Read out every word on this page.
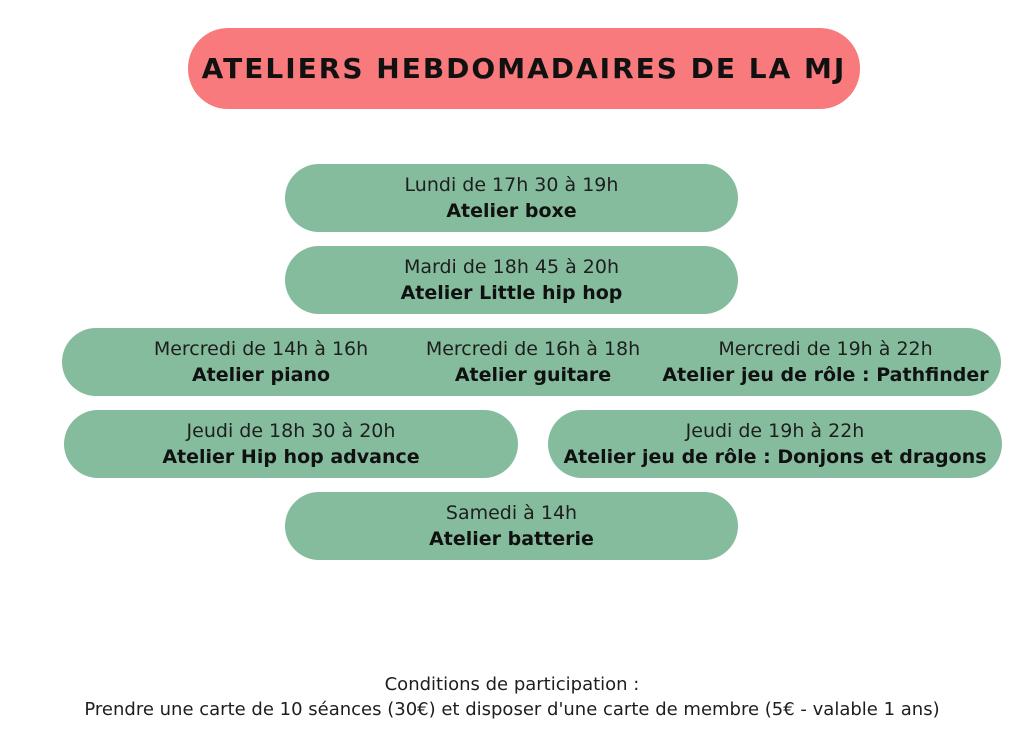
ATELIERS HEBDOMADAIRES DE LA MJ
Lundi de 17h 30 à 19h
Atelier boxe
Mardi de 18h 45 à 20h
Atelier Little hip hop
Mercredi de 14h à 16h
Atelier piano
Mercredi de 16h à 18h
Atelier guitare
Mercredi de 19h à 22h
Atelier jeu de rôle : Pathfinder
Jeudi de 18h 30 à 20h
Atelier Hip hop advance
Jeudi de 19h à 22h
Atelier jeu de rôle : Donjons et dragons
Samedi à 14h
Atelier batterie
Conditions de participation :
Prendre une carte de 10 séances (30€) et disposer d'une carte de membre (5€ - valable 1 ans)
